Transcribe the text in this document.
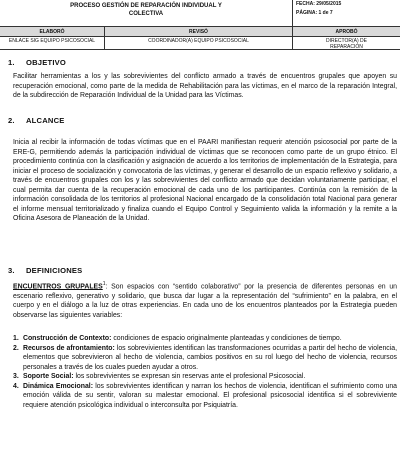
PROCESO GESTIÓN DE REPARACIÓN INDIVIDUAL Y
COLECTIVA
FECHA: 29/05/2015
PÁGINA: 1 de 7
ELABORÓ	REVISÓ	APROBÓ
ENLACE SIG EQUIPO PSICOSOCIAL	COORDINADOR(A) EQUIPO PSICOSOCIAL	DIRECTOR(A) DE
REPARACIÓN
1. OBJETIVO
Facilitar herramientas a los y las sobrevivientes del conflicto armado a través de encuentros grupales que apoyen su recuperación emocional, como parte de la medida de Rehabilitación para las víctimas, en el marco de la reparación Integral, de la subdirección de Reparación Individual de la Unidad para las Víctimas.
2. ALCANCE
Inicia al recibir la información de todas víctimas que en el PAARI manifiestan requerir atención psicosocial por parte de la ERE-G, permitiendo además la participación individual de víctimas que se reconocen como parte de un grupo étnico. El procedimiento continúa con la clasificación y asignación de acuerdo a los territorios de implementación de la Estrategia, para iniciar el proceso de socialización y convocatoria de las víctimas, y generar el desarrollo de un espacio reflexivo y solidario, a través de encuentros grupales con los y las sobrevivientes del conflicto armado que decidan voluntariamente participar, el cual permita dar cuenta de la recuperación emocional de cada uno de los participantes. Continúa con la remisión de la información consolidada de los territorios al profesional Nacional encargado de la consolidación total Nacional para generar el informe mensual territorializado y finaliza cuando el Equipo Control y Seguimiento valida la información y la remite a la Oficina Asesora de Planeación de la Unidad.
3. DEFINICIONES
ENCUENTROS GRUPALES$^1$: Son espacios con “sentido colaborativo” por la presencia de diferentes personas en un escenario reflexivo, generativo y solidario, que busca dar lugar a la representación del “sufrimiento” en la palabra, en el cuerpo y en el diálogo a la luz de otras experiencias. En cada uno de los encuentros planteados por la Estrategia pueden observarse las siguientes variables:
1. Construcción de Contexto: condiciones de espacio originalmente planteadas y condiciones de tiempo.
2. Recursos de afrontamiento: los sobrevivientes identifican las transformaciones ocurridas a partir del hecho de violencia, elementos que sobrevivieron al hecho de violencia, cambios positivos en su rol luego del hecho de violencia, recursos personales a través de los cuales pueden ayudar a otros.
3. Soporte Social: los sobrevivientes se expresan sin reservas ante el profesional Psicosocial.
4. Dinámica Emocional: los sobrevivientes identifican y narran los hechos de violencia, identifican el sufrimiento como una emoción válida de su sentir, valoran su malestar emocional. El profesional psicosocial identifica si el sobreviviente requiere atención psicológica individual o interconsulta por Psiquiatría.
